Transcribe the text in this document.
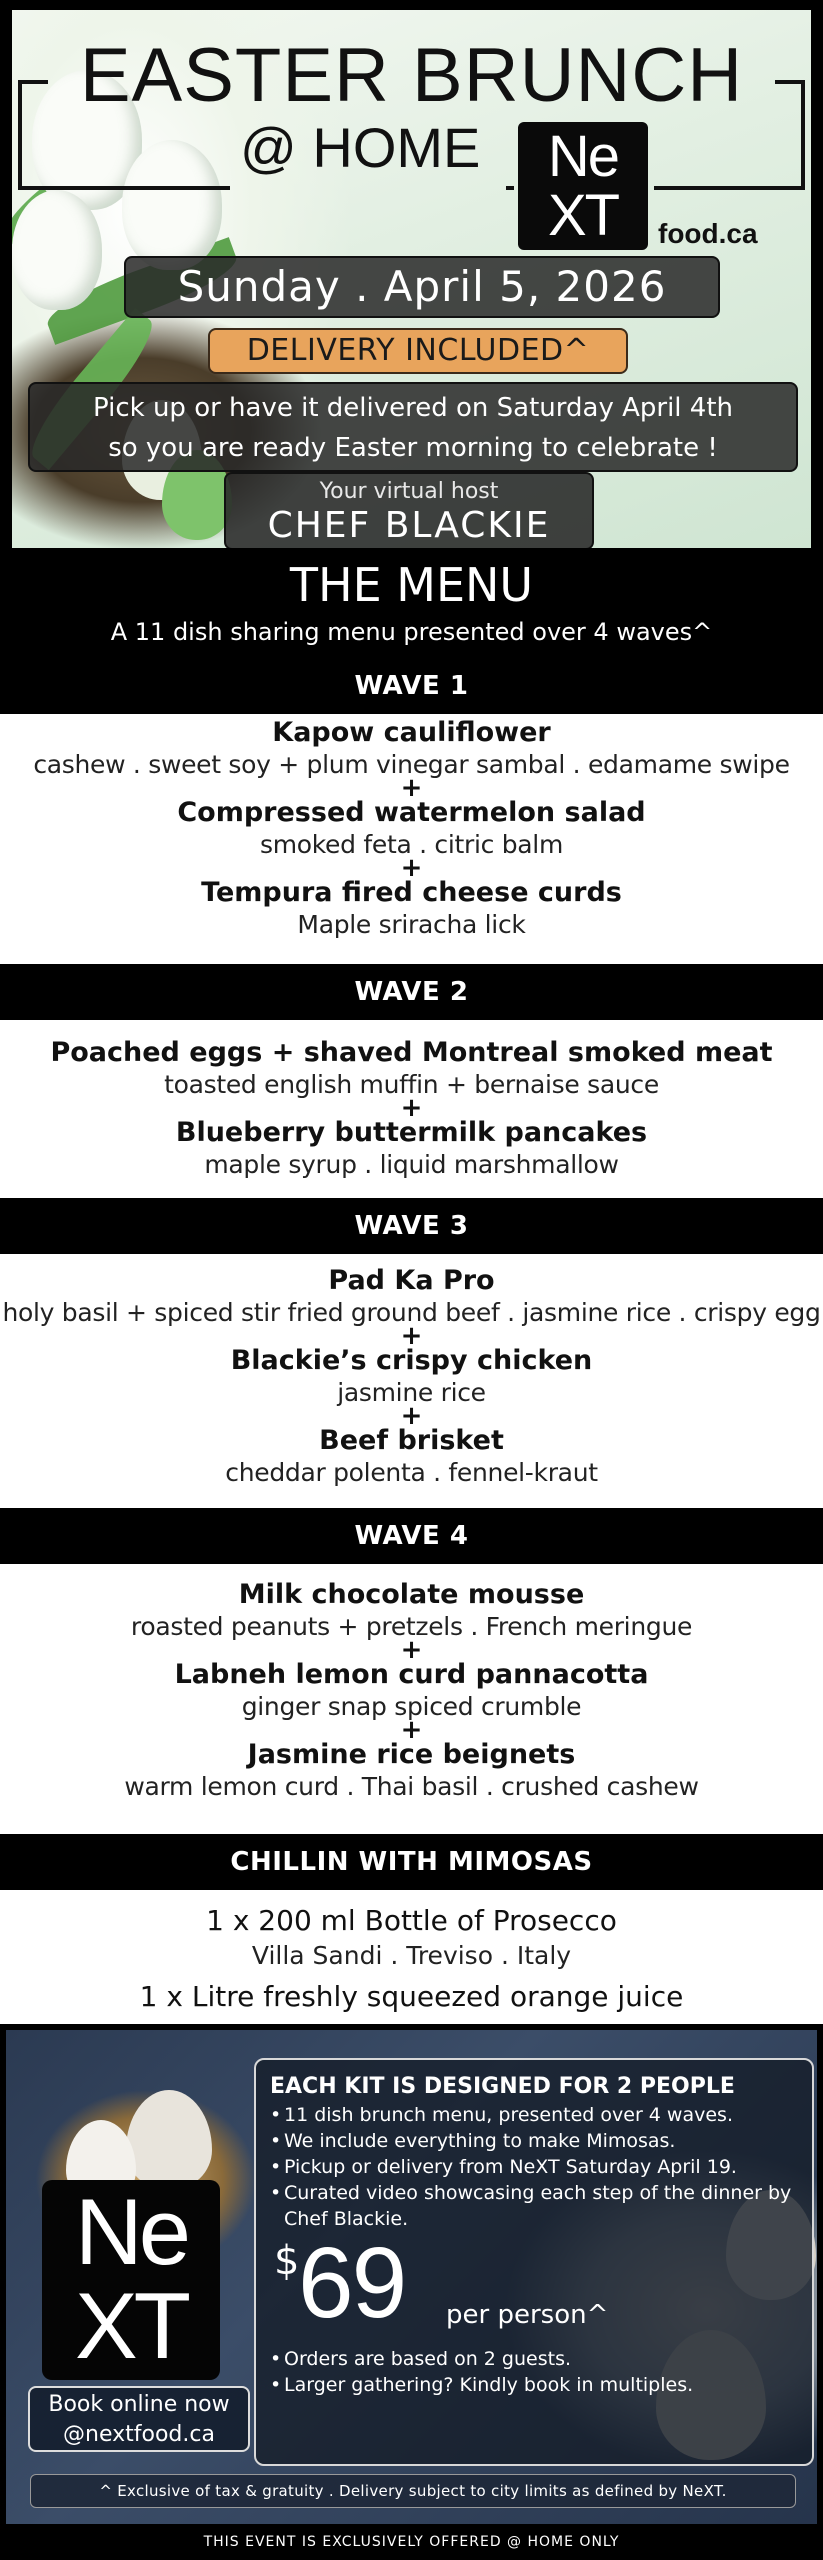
EASTER BRUNCH
@ HOME	Ne
XT	food.ca
Sunday . April 5, 2026
DELIVERY INCLUDED^
Pick up or have it delivered on Saturday April 4th
so you are ready Easter morning to celebrate !
Your virtual host
CHEF BLACKIE
THE MENU
A 11 dish sharing menu presented over 4 waves^
WAVE 1
Kapow cauliflower
cashew . sweet soy + plum vinegar sambal . edamame swipe
+
Compressed watermelon salad
smoked feta . citric balm
+
Tempura fired cheese curds
Maple sriracha lick
WAVE 2
Poached eggs + shaved Montreal smoked meat
toasted english muffin + bernaise sauce
+
Blueberry buttermilk pancakes
maple syrup . liquid marshmallow
WAVE 3
Pad Ka Pro
holy basil + spiced stir fried ground beef . jasmine rice . crispy egg
+
Blackie’s crispy chicken
jasmine rice
+
Beef brisket
cheddar polenta . fennel-kraut
WAVE 4
Milk chocolate mousse
roasted peanuts + pretzels . French meringue
+
Labneh lemon curd pannacotta
ginger snap spiced crumble
+
Jasmine rice beignets
warm lemon curd . Thai basil . crushed cashew
CHILLIN WITH MIMOSAS
1 x 200 ml Bottle of Prosecco
Villa Sandi . Treviso . Italy
1 x Litre freshly squeezed orange juice
Ne
XT
Book online now
@nextfood.ca
EACH KIT IS DESIGNED FOR 2 PEOPLE
• 11 dish brunch menu, presented over 4 waves.
• We include everything to make Mimosas.
• Pickup or delivery from NeXT Saturday April 19.
• Curated video showcasing each step of the dinner by Chef Blackie.
$
69 per person^
• Orders are based on 2 guests.
• Larger gathering? Kindly book in multiples.
^ Exclusive of tax & gratuity . Delivery subject to city limits as defined by NeXT.
THIS EVENT IS EXCLUSIVELY OFFERED @ HOME ONLY
